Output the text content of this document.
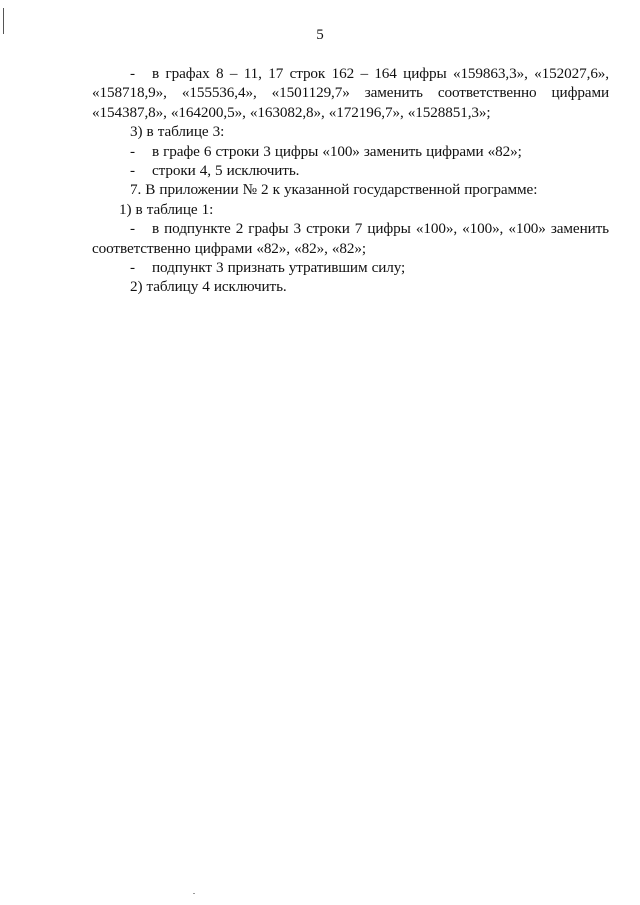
5
-	в графах 8 – 11, 17 строк 162 – 164 цифры «159863,3», «152027,6»,
«158718,9», «155536,4», «1501129,7» заменить соответственно цифрами
«154387,8», «164200,5», «163082,8», «172196,7», «1528851,3»;
3) в таблице 3:
- в графе 6 строки 3 цифры «100» заменить цифрами «82»;
- строки 4, 5 исключить.
7. В приложении № 2 к указанной государственной программе:
1) в таблице 1:
-	в подпункте 2 графы 3 строки 7 цифры «100», «100», «100» заменить
соответственно цифрами «82», «82», «82»;
- подпункт 3 признать утратившим силу;
2) таблицу 4 исключить.
